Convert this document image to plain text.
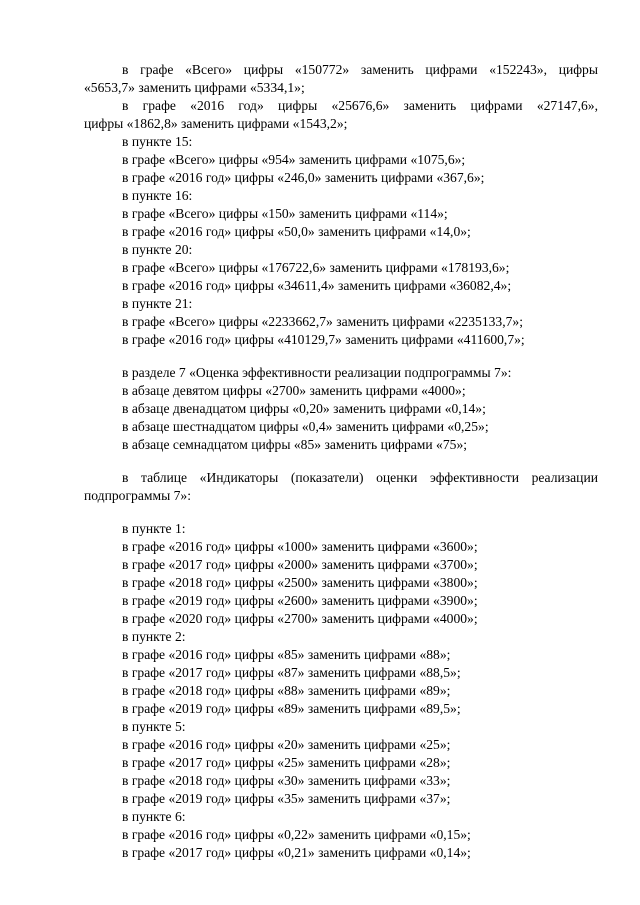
в графе «Всего» цифры «150772» заменить цифрами «152243», цифры
«5653,7» заменить цифрами «5334,1»;
в графе «2016 год» цифры «25676,6» заменить цифрами «27147,6»,
цифры «1862,8» заменить цифрами «1543,2»;
в пункте 15:
в графе «Всего» цифры «954» заменить цифрами «1075,6»;
в графе «2016 год» цифры «246,0» заменить цифрами «367,6»;
в пункте 16:
в графе «Всего» цифры «150» заменить цифрами «114»;
в графе «2016 год» цифры «50,0» заменить цифрами «14,0»;
в пункте 20:
в графе «Всего» цифры «176722,6» заменить цифрами «178193,6»;
в графе «2016 год» цифры «34611,4» заменить цифрами «36082,4»;
в пункте 21:
в графе «Всего» цифры «2233662,7» заменить цифрами «2235133,7»;
в графе «2016 год» цифры «410129,7» заменить цифрами «411600,7»;
в разделе 7 «Оценка эффективности реализации подпрограммы 7»:
в абзаце девятом цифры «2700» заменить цифрами «4000»;
в абзаце двенадцатом цифры «0,20» заменить цифрами «0,14»;
в абзаце шестнадцатом цифры «0,4» заменить цифрами «0,25»;
в абзаце семнадцатом цифры «85» заменить цифрами «75»;
в таблице «Индикаторы (показатели) оценки эффективности реализации
подпрограммы 7»:
в пункте 1:
в графе «2016 год» цифры «1000» заменить цифрами «3600»;
в графе «2017 год» цифры «2000» заменить цифрами «3700»;
в графе «2018 год» цифры «2500» заменить цифрами «3800»;
в графе «2019 год» цифры «2600» заменить цифрами «3900»;
в графе «2020 год» цифры «2700» заменить цифрами «4000»;
в пункте 2:
в графе «2016 год» цифры «85» заменить цифрами «88»;
в графе «2017 год» цифры «87» заменить цифрами «88,5»;
в графе «2018 год» цифры «88» заменить цифрами «89»;
в графе «2019 год» цифры «89» заменить цифрами «89,5»;
в пункте 5:
в графе «2016 год» цифры «20» заменить цифрами «25»;
в графе «2017 год» цифры «25» заменить цифрами «28»;
в графе «2018 год» цифры «30» заменить цифрами «33»;
в графе «2019 год» цифры «35» заменить цифрами «37»;
в пункте 6:
в графе «2016 год» цифры «0,22» заменить цифрами «0,15»;
в графе «2017 год» цифры «0,21» заменить цифрами «0,14»;
